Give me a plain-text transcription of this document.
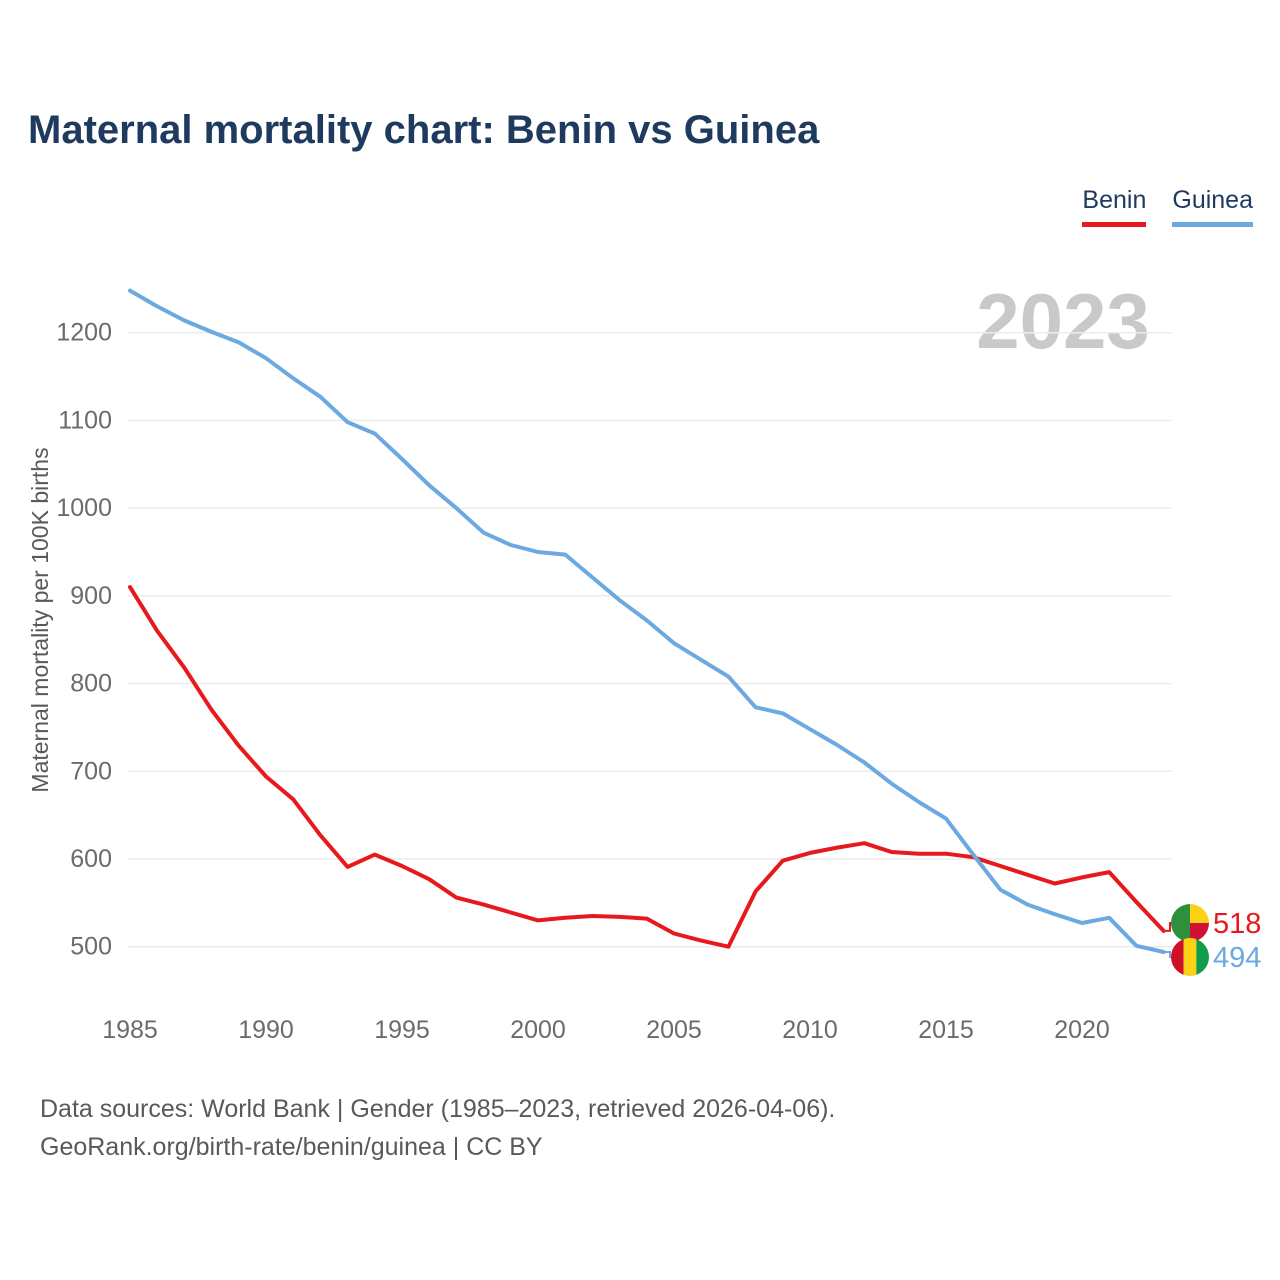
Maternal mortality chart: Benin vs Guinea
Benin Guinea
2023
500
600
700
800
900
1000
1100
1200
1985	1990	1995	2000	2005	2010	2015	2020
Maternal mortality per 100K births
518
494
Data sources: World Bank | Gender (1985–2023, retrieved 2026-04-06).
GeoRank.org/birth-rate/benin/guinea | CC BY
